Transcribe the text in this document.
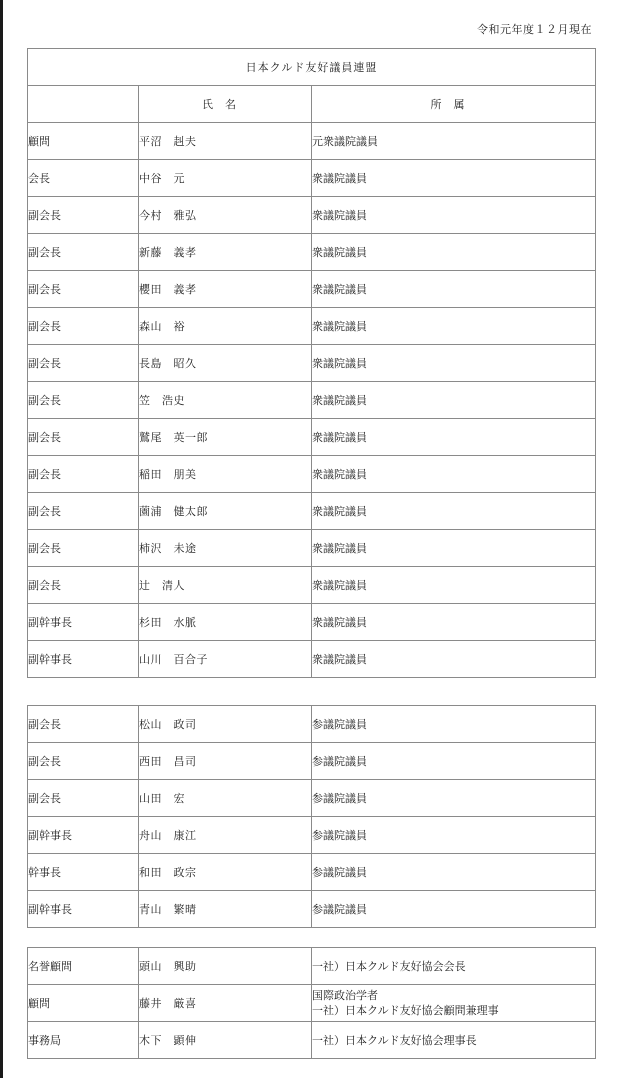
令和元年度１２月現在
日本クルド友好議員連盟		
	氏名	所属
顧問	平沼　赳夫	元衆議院議員
会長	中谷　元	衆議院議員
副会長	今村　雅弘	衆議院議員
副会長	新藤　義孝	衆議院議員
副会長	櫻田　義孝	衆議院議員
副会長	森山　裕	衆議院議員
副会長	長島　昭久	衆議院議員
副会長	笠　浩史	衆議院議員
副会長	鷲尾　英一郎	衆議院議員
副会長	稲田　朋美	衆議院議員
副会長	薗浦　健太郎	衆議院議員
副会長	柿沢　未途	衆議院議員
副会長	辻　清人	衆議院議員
副幹事長	杉田　水脈	衆議院議員
副幹事長	山川　百合子	衆議院議員
副会長	松山　政司	参議院議員
副会長	西田　昌司	参議院議員
副会長	山田　宏	参議院議員
副幹事長	舟山　康江	参議院議員
幹事長	和田　政宗	参議院議員
副幹事長	青山　繁晴	参議院議員
名誉顧問	頭山　興助	一社）日本クルド友好協会会長

顧問	藤井　厳喜	国際政治学者
一社）日本クルド友好協会顧問兼理事

事務局	木下　顕伸	一社）日本クルド友好協会理事長
